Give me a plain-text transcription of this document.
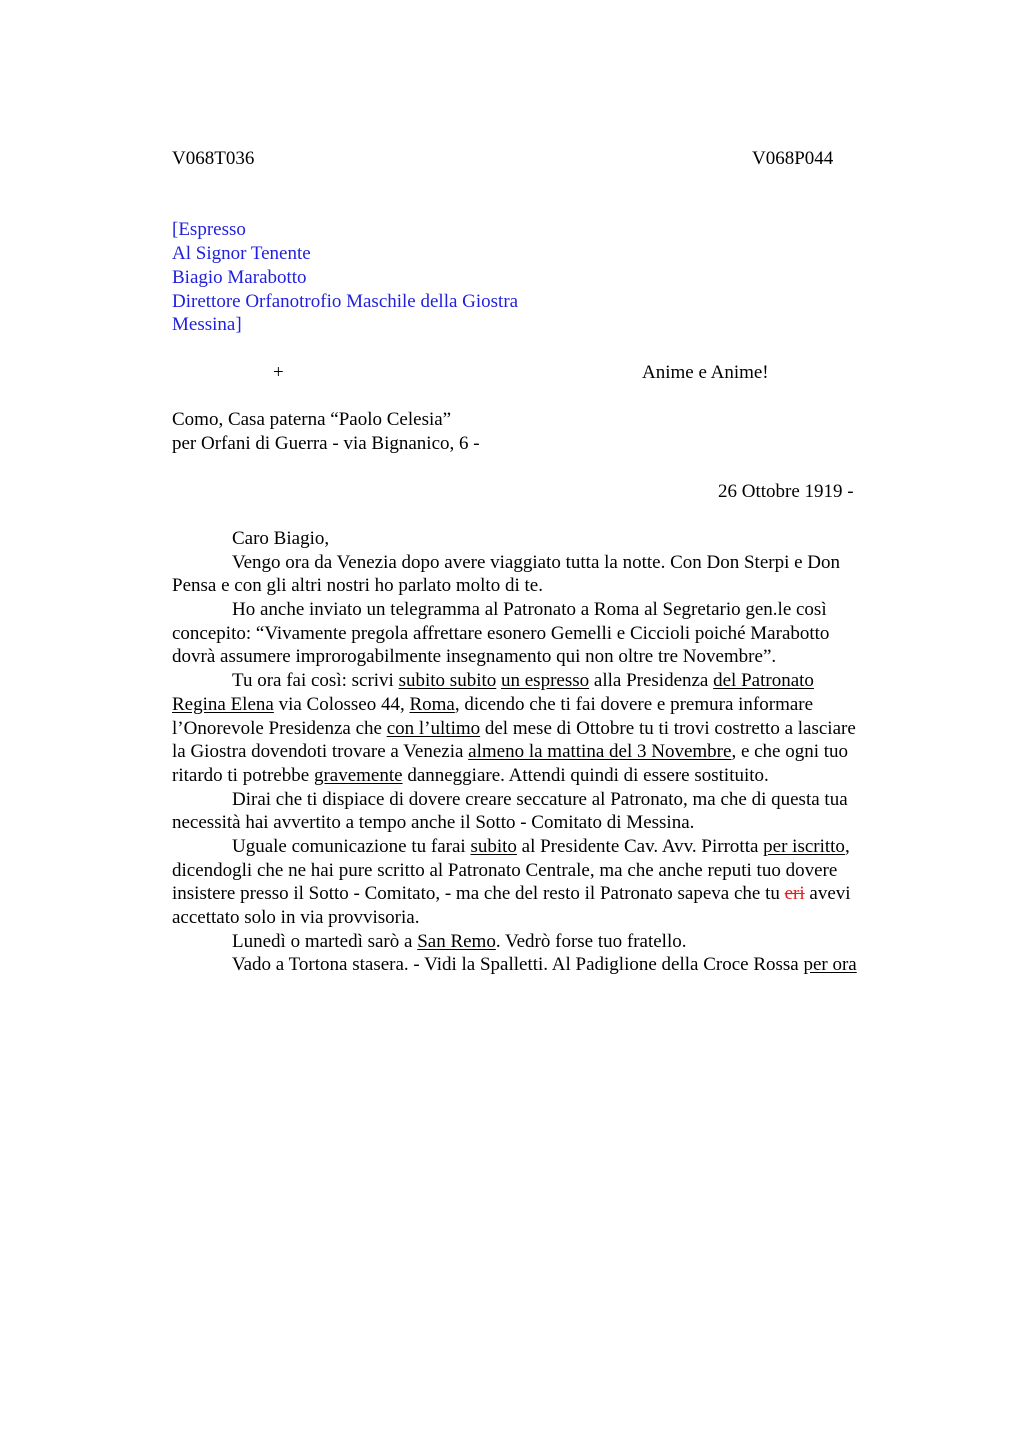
V068T036	V068P044
[Espresso
Al Signor Tenente
Biagio Marabotto
Direttore Orfanotrofio Maschile della Giostra
Messina]
+	Anime e Anime!
Como, Casa paterna “Paolo Celesia”
per Orfani di Guerra - via Bignanico, 6 -
26 Ottobre 1919 -
Caro Biagio,
Vengo ora da Venezia dopo avere viaggiato tutta la notte. Con Don Sterpi e Don
Pensa e con gli altri nostri ho parlato molto di te.
Ho anche inviato un telegramma al Patronato a Roma al Segretario gen.le così
concepito: “Vivamente pregola affrettare esonero Gemelli e Ciccioli poiché Marabotto
dovrà assumere improrogabilmente insegnamento qui non oltre tre Novembre”.
Tu ora fai così: scrivi subito subito un espresso alla Presidenza del Patronato
Regina Elena via Colosseo 44, Roma, dicendo che ti fai dovere e premura informare
l’Onorevole Presidenza che con l’ultimo del mese di Ottobre tu ti trovi costretto a lasciare
la Giostra dovendoti trovare a Venezia almeno la mattina del 3 Novembre, e che ogni tuo
ritardo ti potrebbe gravemente danneggiare. Attendi quindi di essere sostituito.
Dirai che ti dispiace di dovere creare seccature al Patronato, ma che di questa tua
necessità hai avvertito a tempo anche il Sotto - Comitato di Messina.
Uguale comunicazione tu farai subito al Presidente Cav. Avv. Pirrotta per iscritto,
dicendogli che ne hai pure scritto al Patronato Centrale, ma che anche reputi tuo dovere
insistere presso il Sotto - Comitato, - ma che del resto il Patronato sapeva che tu eri avevi
accettato solo in via provvisoria.
Lunedì o martedì sarò a San Remo. Vedrò forse tuo fratello.
Vado a Tortona stasera. - Vidi la Spalletti. Al Padiglione della Croce Rossa per ora
